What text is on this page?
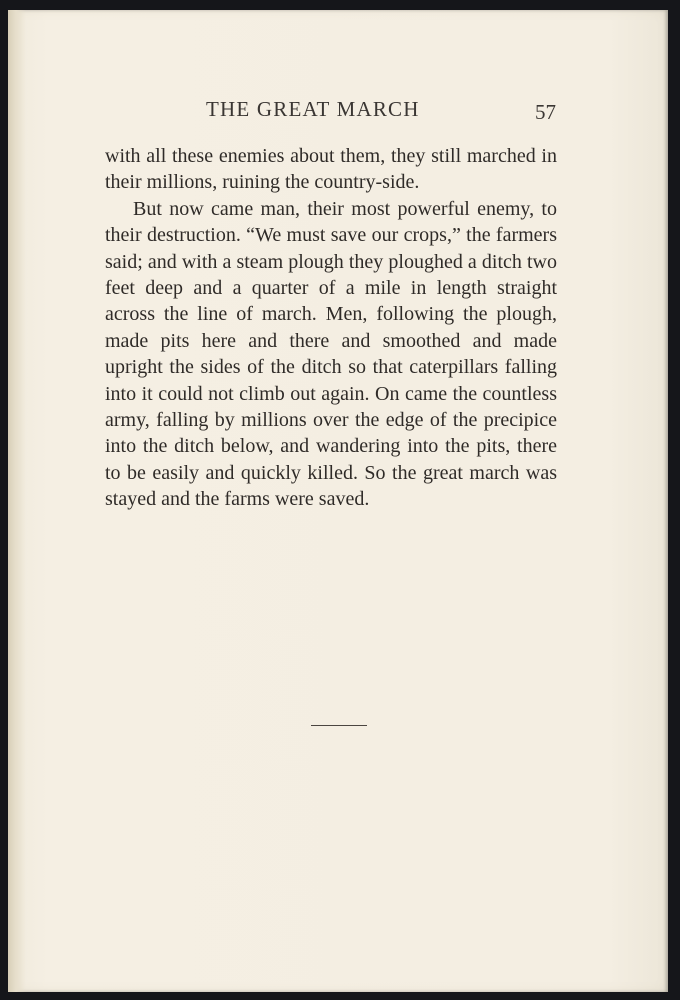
THE GREAT MARCH	57

with all these enemies about them, they still marched in their millions, ruining the country-side.

But now came man, their most powerful enemy, to their destruction. “We must save our crops,” the farmers said; and with a steam plough they ploughed a ditch two feet deep and a quarter of a mile in length straight across the line of march. Men, following the plough, made pits here and there and smoothed and made upright the sides of the ditch so that caterpillars falling into it could not climb out again. On came the countless army, falling by millions over the edge of the precipice into the ditch below, and wandering into the pits, there to be easily and quickly killed. So the great march was stayed and the farms were saved.
